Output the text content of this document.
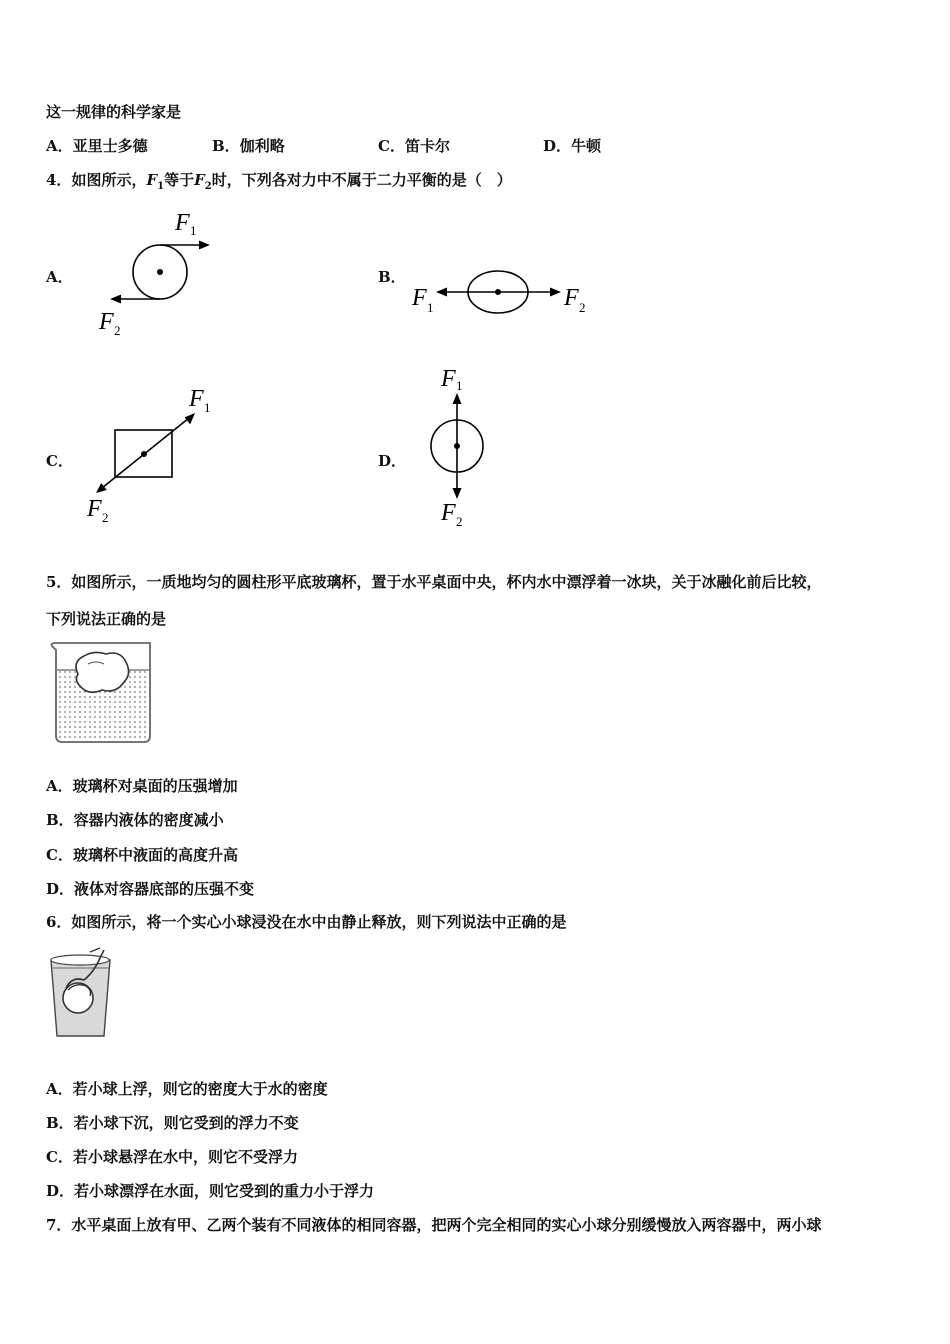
这一规律的科学家是
A．亚里士多德	B．伽利略	C．笛卡尔	D．牛顿
4．如图所示，$F_1$等于$F_2$时，下列各对力中不属于二力平衡的是（　）
A．	B．
C．	D．
F 1
F 2
F 1	F 2
F 1
F 2
F 1
F 2
5．如图所示，一质地均匀的圆柱形平底玻璃杯，置于水平桌面中央，杯内水中漂浮着一冰块，关于冰融化前后比较，
下列说法正确的是
A．玻璃杯对桌面的压强增加
B．容器内液体的密度减小
C．玻璃杯中液面的高度升高
D．液体对容器底部的压强不变
6．如图所示，将一个实心小球浸没在水中由静止释放，则下列说法中正确的是
A．若小球上浮，则它的密度大于水的密度
B．若小球下沉，则它受到的浮力不变
C．若小球悬浮在水中，则它不受浮力
D．若小球漂浮在水面，则它受到的重力小于浮力
7．水平桌面上放有甲、乙两个装有不同液体的相同容器，把两个完全相同的实心小球分别缓慢放入两容器中，两小球
